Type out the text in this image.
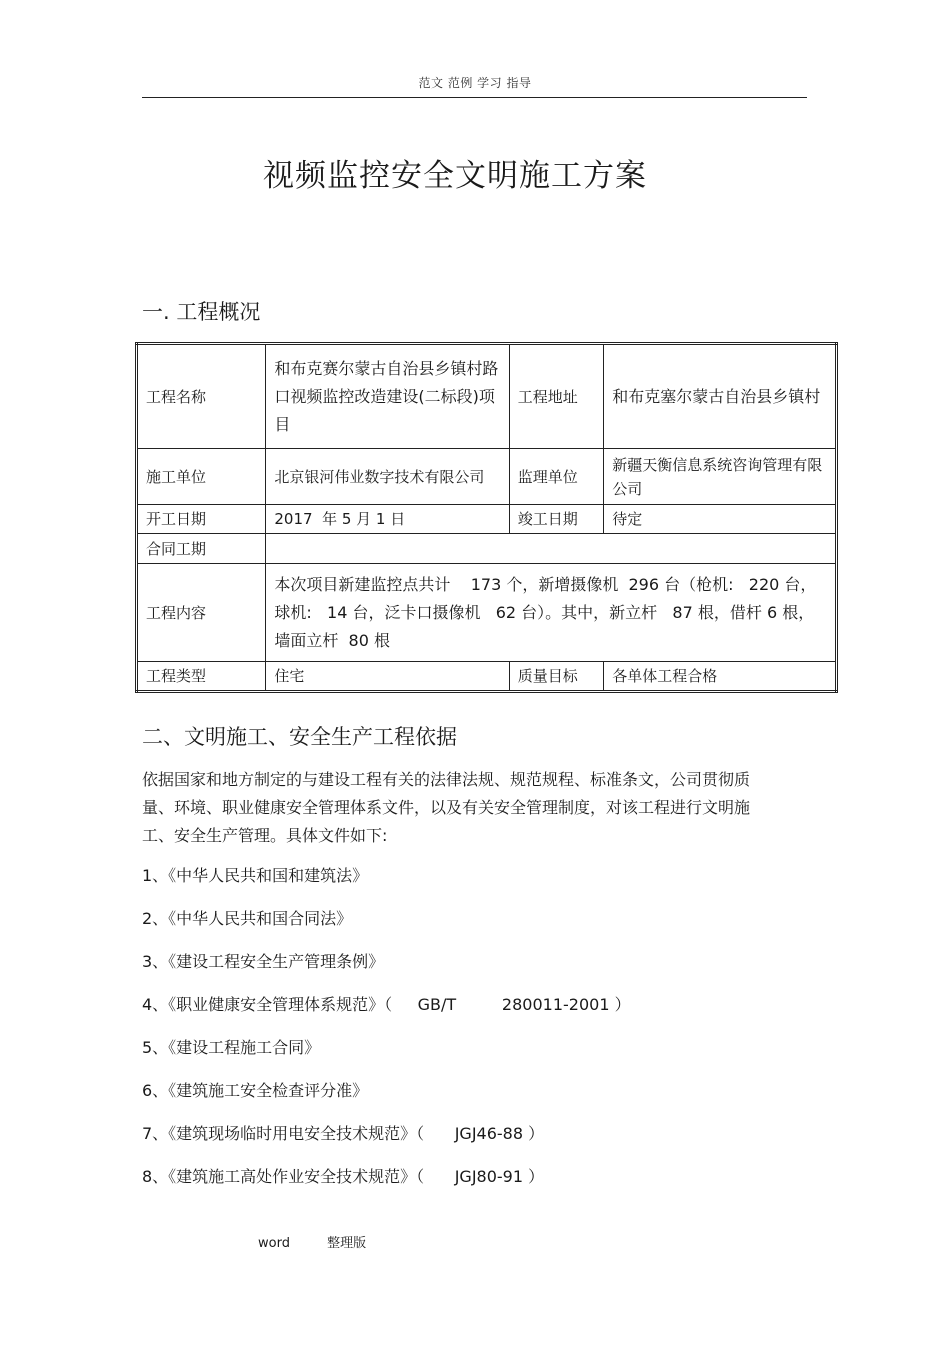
范文 范例 学习 指导
视频监控安全文明施工方案
一. 工程概况
工程名称	和布克赛尔蒙古自治县乡镇村路口视频监控改造建设(二标段)项目	工程地址	和布克塞尔蒙古自治县乡镇村
施工单位	北京银河伟业数字技术有限公司	监理单位	新疆天衡信息系统咨询管理有限公司
开工日期	2017  年 5 月 1 日	竣工日期	待定
合同工期			
工程内容	本次项目新建监控点共计    173 个，新增摄像机  296 台（枪机:   220 台，球机:   14 台，泛卡口摄像机   62 台）。其中，新立杆   87 根，借杆 6 根，墙面立杆  80 根		
工程类型	住宅	质量目标	各单体工程合格
二、文明施工、安全生产工程依据
依据国家和地方制定的与建设工程有关的法律法规、规范规程、标准条文，公司贯彻质量、环境、职业健康安全管理体系文件，以及有关安全管理制度，对该工程进行文明施工、安全生产管理。具体文件如下:
1、《中华人民共和国和建筑法》
2、《中华人民共和国合同法》
3、《建设工程安全生产管理条例》
4、《职业健康安全管理体系规范》（     GB/T         280011-2001 ）
5、《建设工程施工合同》
6、《建筑施工安全检查评分准》
7、《建筑现场临时用电安全技术规范》（      JGJ46-88 ）
8、《建筑施工高处作业安全技术规范》（      JGJ80-91 ）
word         整理版
